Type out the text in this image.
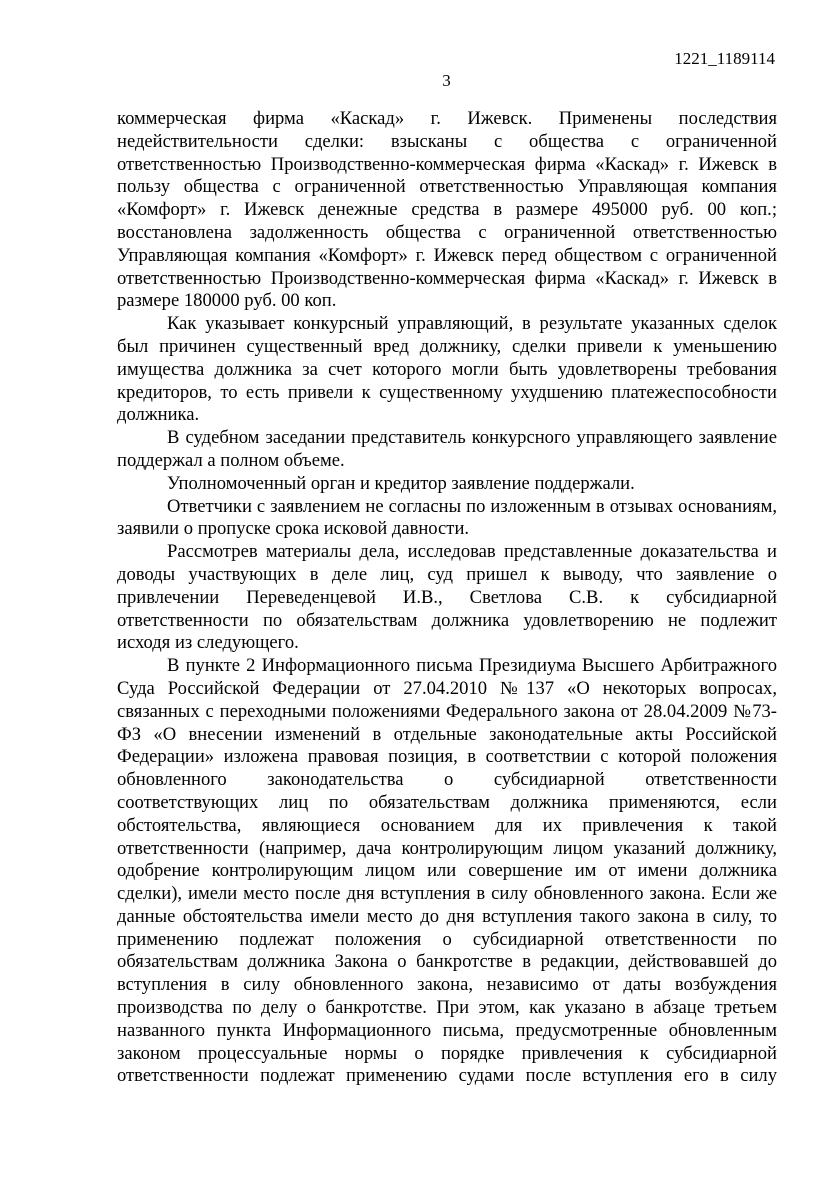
1221_1189114
3

коммерческая фирма «Каскад» г. Ижевск. Применены последствия недействительности сделки: взысканы с общества с ограниченной ответственностью Производственно-коммерческая фирма «Каскад» г. Ижевск в пользу общества с ограниченной ответственностью Управляющая компания «Комфорт» г. Ижевск денежные средства в размере 495000 руб. 00 коп.; восстановлена задолженность общества с ограниченной ответственностью Управляющая компания «Комфорт» г. Ижевск перед обществом с ограниченной ответственностью Производственно-коммерческая фирма «Каскад» г. Ижевск в размере 180000 руб. 00 коп.

Как указывает конкурсный управляющий, в результате указанных сделок был причинен существенный вред должнику, сделки привели к уменьшению имущества должника за счет которого могли быть удовлетворены требования кредиторов, то есть привели к существенному ухудшению платежеспособности должника.

В судебном заседании представитель конкурсного управляющего заявление поддержал а полном объеме.

Уполномоченный орган и кредитор заявление поддержали.

Ответчики с заявлением не согласны по изложенным в отзывах основаниям, заявили о пропуске срока исковой давности.

Рассмотрев материалы дела, исследовав представленные доказательства и доводы участвующих в деле лиц, суд пришел к выводу, что заявление о привлечении Переведенцевой И.В., Светлова С.В. к субсидиарной ответственности по обязательствам должника удовлетворению не подлежит исходя из следующего.

В пункте 2 Информационного письма Президиума Высшего Арбитражного Суда Российской Федерации от 27.04.2010 №137 «О некоторых вопросах, связанных с переходными положениями Федерального закона от 28.04.2009 №73-ФЗ «О внесении изменений в отдельные законодательные акты Российской Федерации» изложена правовая позиция, в соответствии с которой положения обновленного законодательства о субсидиарной ответственности соответствующих лиц по обязательствам должника применяются, если обстоятельства, являющиеся основанием для их привлечения к такой ответственности (например, дача контролирующим лицом указаний должнику, одобрение контролирующим лицом или совершение им от имени должника сделки), имели место после дня вступления в силу обновленного закона. Если же данные обстоятельства имели место до дня вступления такого закона в силу, то применению подлежат положения о субсидиарной ответственности по обязательствам должника Закона о банкротстве в редакции, действовавшей до вступления в силу обновленного закона, независимо от даты возбуждения производства по делу о банкротстве. При этом, как указано в абзаце третьем названного пункта Информационного письма, предусмотренные обновленным законом процессуальные нормы о порядке привлечения к субсидиарной ответственности подлежат применению судами после вступления его в силу
